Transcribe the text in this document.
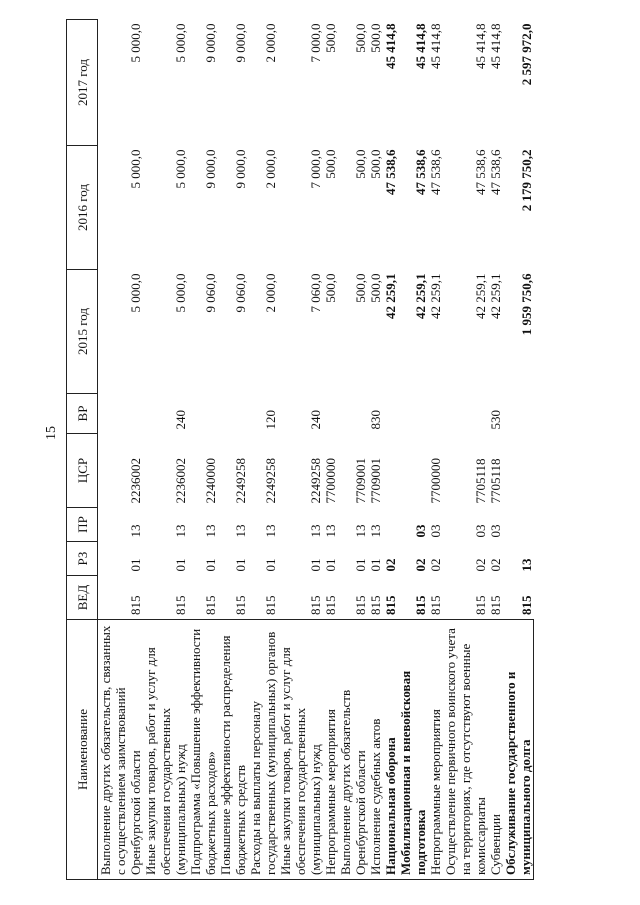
15
Наименование	ВЕД	РЗ	ПР	ЦСР	ВР	2015 год	2016 год	2017 год
Выполнение других обязательств, связанных с осуществлением заимствований Оренбургской области	815	01	13	2236002		5 000,0	5 000,0	5 000,0
Иные закупки товаров, работ и услуг для обеспечения государственных (муниципальных) нужд	815	01	13	2236002	240	5 000,0	5 000,0	5 000,0
Подпрограмма «Повышение эффективности бюджетных расходов»	815	01	13	2240000		9 060,0	9 000,0	9 000,0
Повышение эффективности распределения бюджетных средств	815	01	13	2249258		9 060,0	9 000,0	9 000,0
Расходы на выплаты персоналу государственных (муниципальных) органов	815	01	13	2249258	120	2 000,0	2 000,0	2 000,0
Иные закупки товаров, работ и услуг для обеспечения государственных (муниципальных) нужд	815	01	13	2249258	240	7 060,0	7 000,0	7 000,0
Непрограммные мероприятия	815	01	13	7700000		500,0	500,0	500,0
Выполнение других обязательств Оренбургской области	815	01	13	7709001		500,0	500,0	500,0
Исполнение судебных актов	815	01	13	7709001	830	500,0	500,0	500,0
Национальная оборона	815	02				42 259,1	47 538,6	45 414,8
Мобилизационная и вневойсковая подготовка	815	02	03			42 259,1	47 538,6	45 414,8
Непрограммные мероприятия	815	02	03	7700000		42 259,1	47 538,6	45 414,8
Осуществление первичного воинского учета на территориях, где отсутствуют военные комиссариаты	815	02	03	7705118		42 259,1	47 538,6	45 414,8
Субвенции	815	02	03	7705118	530	42 259,1	47 538,6	45 414,8
Обслуживание государственного и муниципального долга	815	13				1 959 750,6	2 179 750,2	2 597 972,0
